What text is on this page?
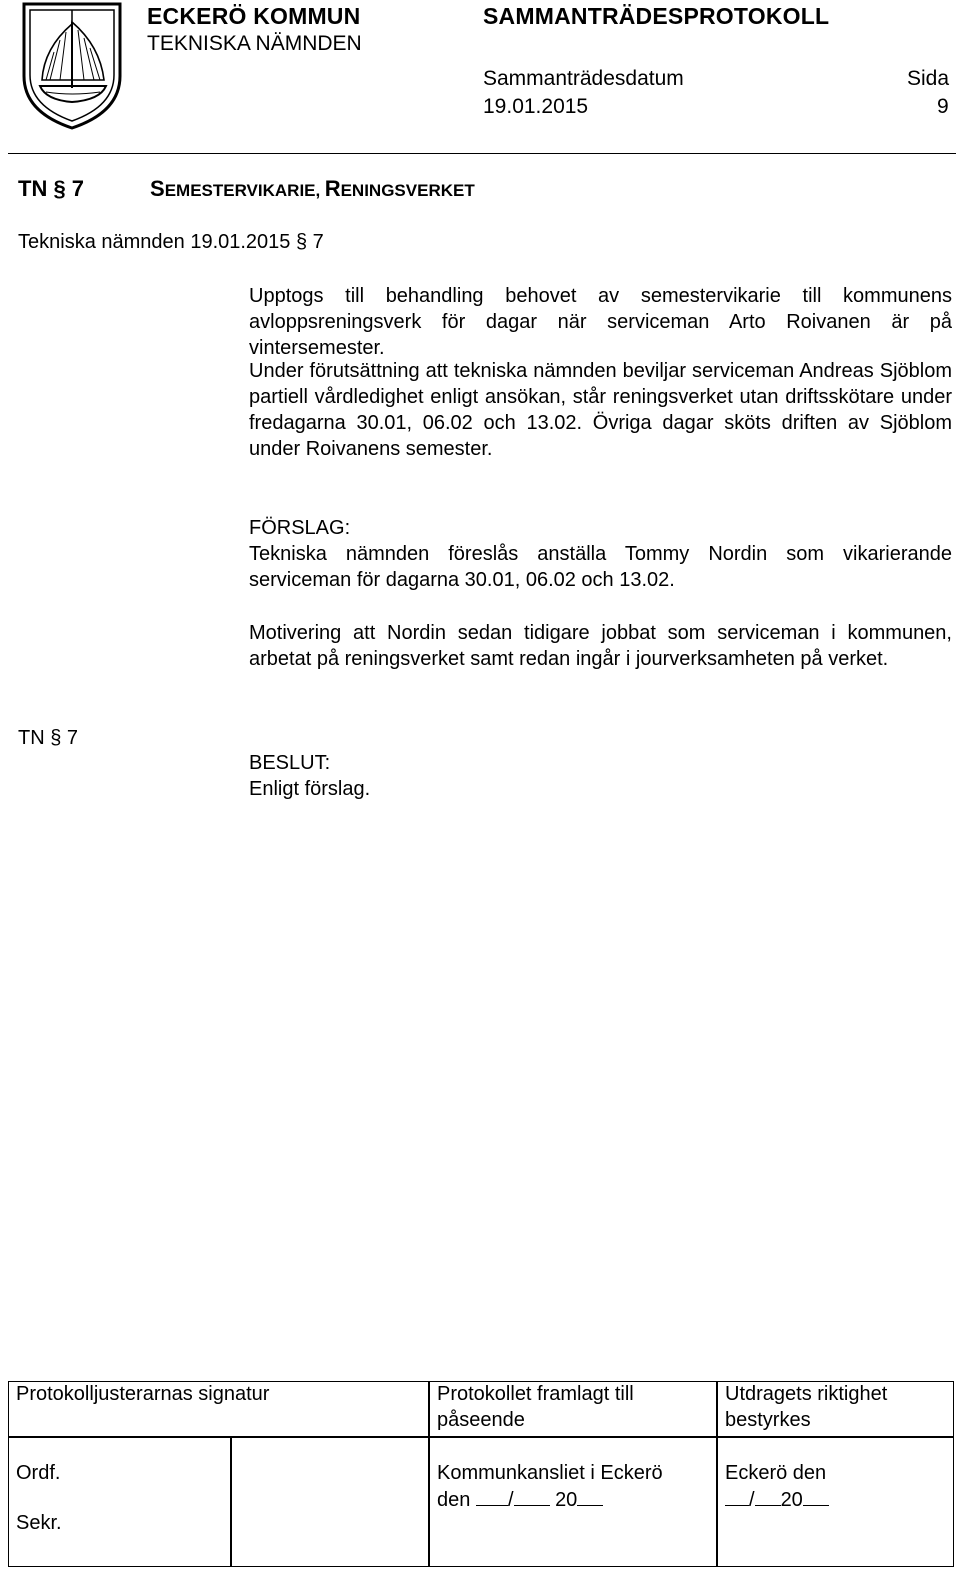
ECKERÖ KOMMUN
TEKNISKA NÄMNDEN
SAMMANTRÄDESPROTOKOLL
Sammanträdesdatum
19.01.2015
Sida
9
TN § 7	SEMESTERVIKARIE, RENINGSVERKET
Tekniska nämnden 19.01.2015 § 7
Upptogs till behandling behovet av semestervikarie till kommunens avloppsreningsverk för dagar när serviceman Arto Roivanen är på vintersemester.
Under förutsättning att tekniska nämnden beviljar serviceman Andreas Sjöblom partiell vårdledighet enligt ansökan, står reningsverket utan driftsskötare under fredagarna 30.01, 06.02 och 13.02. Övriga dagar sköts driften av Sjöblom under Roivanens semester.
FÖRSLAG:
Tekniska nämnden föreslås anställa Tommy Nordin som vikarierande serviceman för dagarna 30.01, 06.02 och 13.02.
Motivering att Nordin sedan tidigare jobbat som serviceman i kommunen, arbetat på reningsverket samt redan ingår i jourverksamheten på verket.
TN § 7
BESLUT:
Enligt förslag.
Protokolljusterarnas signatur	Protokollet framlagt till
påseende
Utdragets riktighet
bestyrkes
Ordf.
Sekr.
Kommunkansliet i Eckerö
den / 20
Eckerö den
/ 20
